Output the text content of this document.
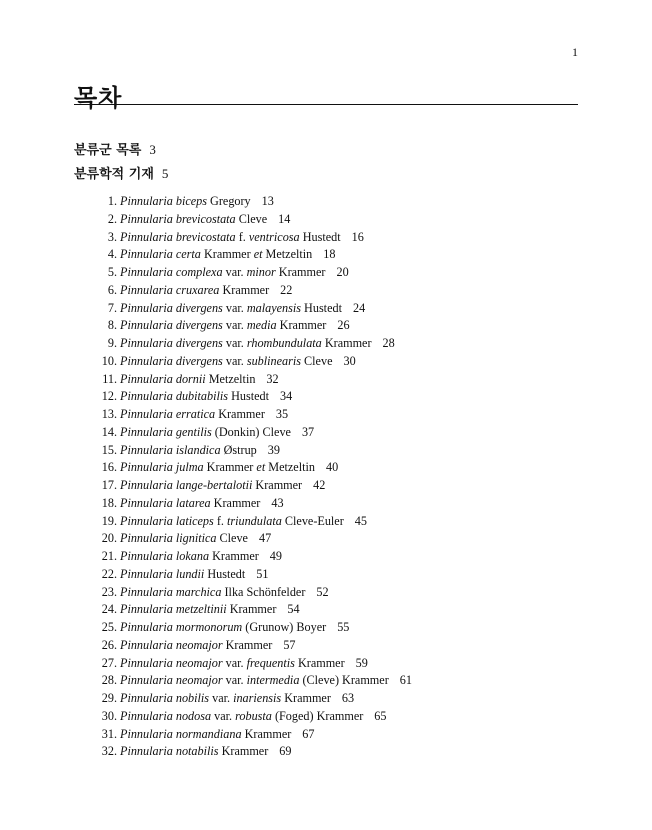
1
목차
분류군 목록 3
분류학적 기재 5
1. Pinnularia biceps Gregory 13
2. Pinnularia brevicostata Cleve 14
3. Pinnularia brevicostata f. ventricosa Hustedt 16
4. Pinnularia certa Krammer et Metzeltin 18
5. Pinnularia complexa var. minor Krammer 20
6. Pinnularia cruxarea Krammer 22
7. Pinnularia divergens var. malayensis Hustedt 24
8. Pinnularia divergens var. media Krammer 26
9. Pinnularia divergens var. rhombundulata Krammer 28
10. Pinnularia divergens var. sublinearis Cleve 30
11. Pinnularia dornii Metzeltin 32
12. Pinnularia dubitabilis Hustedt 34
13. Pinnularia erratica Krammer 35
14. Pinnularia gentilis (Donkin) Cleve 37
15. Pinnularia islandica Østrup 39
16. Pinnularia julma Krammer et Metzeltin 40
17. Pinnularia lange-bertalotii Krammer 42
18. Pinnularia latarea Krammer 43
19. Pinnularia laticeps f. triundulata Cleve-Euler 45
20. Pinnularia lignitica Cleve 47
21. Pinnularia lokana Krammer 49
22. Pinnularia lundii Hustedt 51
23. Pinnularia marchica Ilka Schönfelder 52
24. Pinnularia metzeltinii Krammer 54
25. Pinnularia mormonorum (Grunow) Boyer 55
26. Pinnularia neomajor Krammer 57
27. Pinnularia neomajor var. frequentis Krammer 59
28. Pinnularia neomajor var. intermedia (Cleve) Krammer 61
29. Pinnularia nobilis var. inariensis Krammer 63
30. Pinnularia nodosa var. robusta (Foged) Krammer 65
31. Pinnularia normandiana Krammer 67
32. Pinnularia notabilis Krammer 69
